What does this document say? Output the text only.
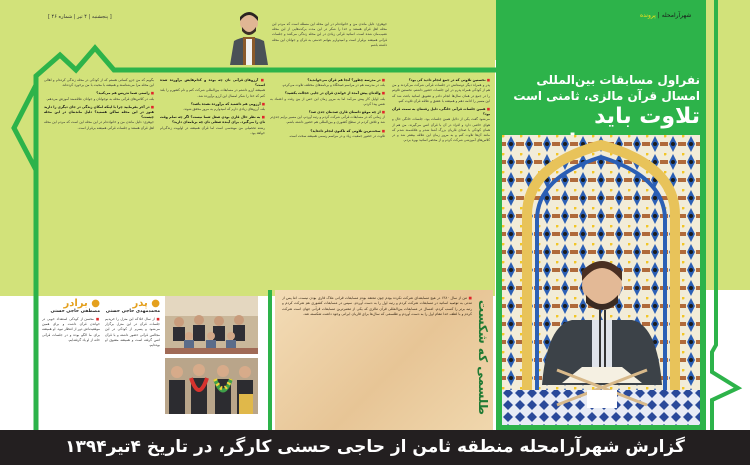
[ پنجشنبه | ۴ تیر | شماره ۴۶ ]
جوهری: دلیل ماندن من و خانواده‌ام در این محله این مسئله است که مردم این محله اهل قرآن هستند و خدا را شکر در این مدت برکت‌هایی از این محله نصیب‌مان شده است. اساتید قرآنی زیادی در این محله زندگی می‌کنند و جلسات قرآنی همیشه برقرار است و امیدوارم بتوانم خدمتی به قرآن و جوانان این محله داشته باشم

■ نخستین تلاوتی که در جمع انجام دادید کی بود؟
پدر و همراه دیگر دوستانش در جلسات قرآنی شرکت می‌کردند و من هم از کودکی همراه پدرم در این جلسات حضور داشتم. نخستین تلاوتم را در جمع در همان سال‌ها انجام دادم و تشویق اساتید باعث شد که این مسیر را ادامه دهم و همیشه با عشق و علاقه قرآن تلاوت کنم.

■ همین جلسات قرآنی خانگی، دلیل رفتنتان به سمت قرآن بود؟
می‌شود گفت یکی از دلایل همین جلسات بود. جلسات خانگی حال و هوای خاصی دارد و افراد در آن با قرآن انس می‌گیرند. من هم از همان کودکی با صدای قاریان بزرگ آشنا شدم و علاقه‌مند شدم که مانند آن‌ها تلاوت کنم و به مرور زمان این علاقه بیشتر شد و در کلاس‌های آموزشی شرکت کردم و از محضر اساتید بهره بردم.

■ در مدرسه چطور؟ آنجا هم قرآن می‌خواندید؟
بله، در مدرسه هم در مراسم صبحگاه و برنامه‌های مختلف تلاوت می‌کردم.

■ والدتان پیش آمده از خواندن قرآن در جایی خجالت بکشید؟
بله، اوایل کار پیش می‌آمد اما به مرور زمان این حس از بین رفت و اعتماد به نفس پیدا کردم.

■ از چه موقع داستان قاری شدنتان جدی شد؟
از زمانی که در مسابقات قرآنی شرکت کردم و رتبه آوردم، این مسیر برایم جدی‌تر شد و تلاش کردم در سطح کشوری و بین‌المللی هم حضور داشته باشم.

■ سخت‌ترین تلاوتی که تاکنون انجام داده‌اید؟
تلاوت در حضور جمعیت زیاد و در مراسم رسمی همیشه سخت است.

■ آرزوهای قرآنی تان چه بوده و کدام‌هایش برآورده شده است؟
همیشه آرزو داشتم در مسابقات بین‌المللی شرکت کنم و نام کشورم را بلند کنم که خدا را شکر امسال این آرزو برآورده شد.

■ آرزویی هم داشتید که برآورده نشده باشد؟
بله، آرزوهای زیادی دارم که امیدوارم به مرور محقق شوند.

■ به نظر حال قاری بودن شغل شما نیست؟ اگر چه تمام وقت تان را می‌گیرد. برای آینده شغلی تان چه برنامه‌ای دارید؟
رشته تحصیلی من مهندسی است اما قرآن همیشه در اولویت زندگی‌ام خواهد بود.

بگویم که من جزو کسانی هستم که از کودکی در محله زندگی کرده‌ام و اهالی این محله مرا می‌شناسند و همیشه با محبت با من برخورد کرده‌اند.

■ راستی شما تدریس هم می‌کنید؟
بله، در کلاس‌های قرآنی محله به نوجوانان و جوانان علاقه‌مند آموزش می‌دهم.

■ در آخر بفرمایید چرا با اینکه امکان زندگی در جای دیگری را دارید هنوز در این محله ساکن هستید؟ دلیل ماندنتان در این محله چیست؟
جوهری: دلیل ماندن من و خانواده‌ام در این محله این است که مردم این محله اهل قرآن هستند و جلسات قرآنی همیشه برقرار است.

شهرآرامحله | پرونده
نفراول مسابقات بین‌المللی
امسال قرآن مالزی، ثامنی است
تلاوت باید
طلسمی که شکست
■ من از سال ۱۳۸۰ در هیچ مسابقه‌ای شرکت نکرده بودم چون معتقد بودم مسابقات قرآنی ملاک قاری بودن نیست. اما پس از مدتی به توصیه اساتید در مسابقات شرکت کردم و رتبه اول را به دست آوردم. سپس در مسابقات کشوری هم شرکت کردم و رتبه برتر را کسب کردم. امسال در مسابقات بین‌المللی قرآن مالزی که یکی از معتبرترین مسابقات قرآنی جهان است شرکت کردم و با لطف خدا مقام اول را به دست آوردم و طلسمی که سال‌ها برای قاریان ایرانی وجود داشت شکسته شد.
● پدر
محمدمهدی حاجی حسنی
■ از سال ۵۸ که این منزل را خریدیم جلسات قرآن در این منزل برگزار می‌شود و پسرم از کودکی در این مجالس قرآنی حضور داشته و با قرآن انس گرفته است و همیشه مشوق او بوده‌ایم.
● برادر
مصطفی حاجی حسنی
■ محسن از کودکی استعداد خوبی در خواندن قرآن داشت و برای همین موفقیت‌اش دور از انتظار نبود. او همیشه برای ما الگو بوده و در جلسات قرآنی خانه از او یاد گرفته‌ایم.
گزارش شهرآرامحله منطقه ثامن از حاجی حسنی کارگر، در تاریخ ۴تیر۱۳۹۴
